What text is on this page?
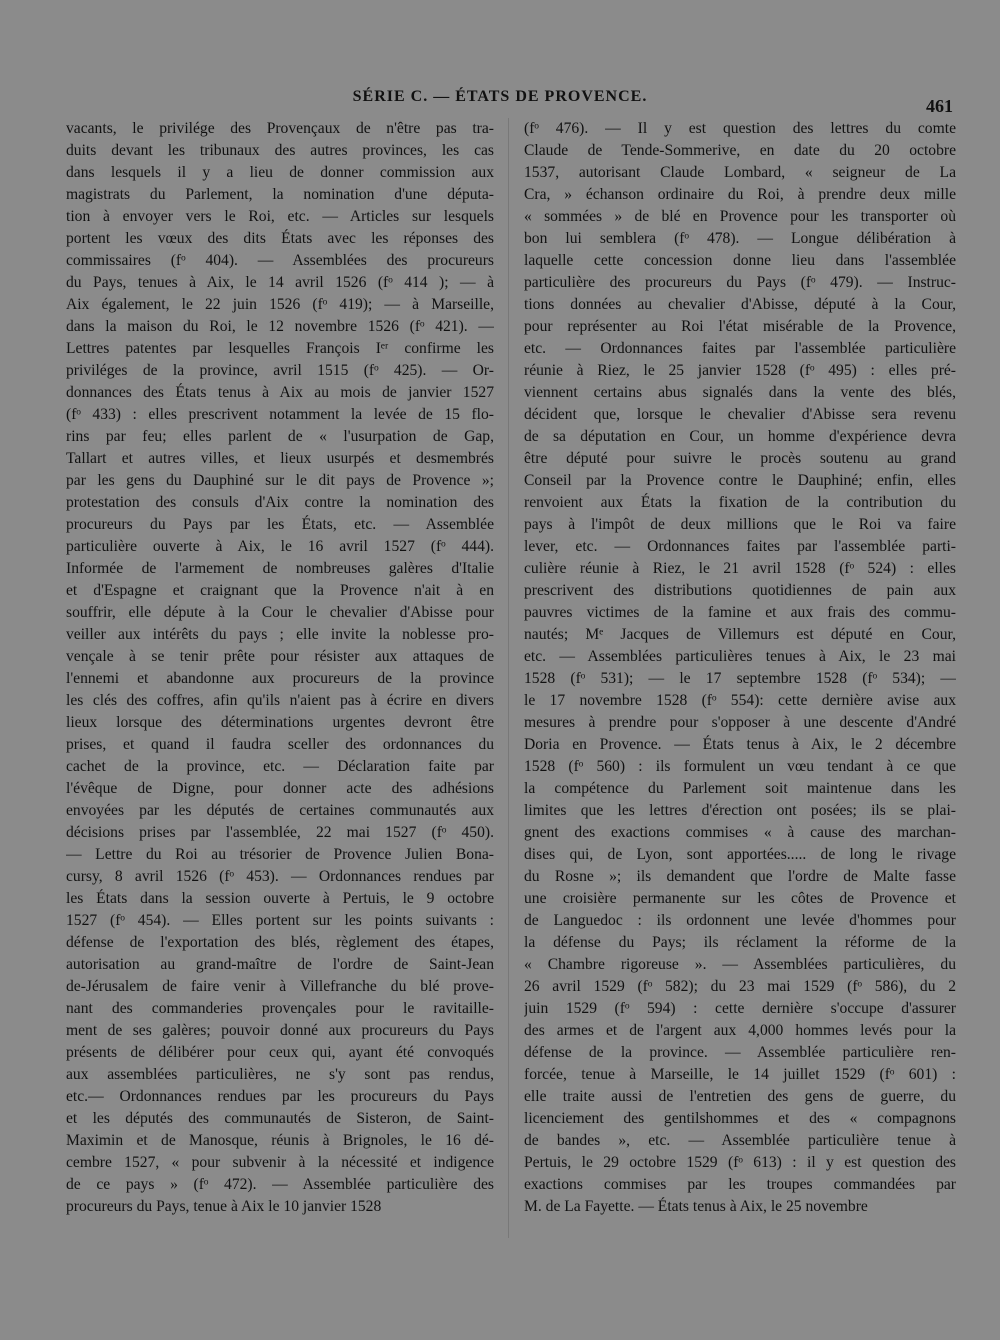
SÉRIE C. — ÉTATS DE PROVENCE.	461
vacants, le privilége des Provençaux de n'être pas tra-
duits devant les tribunaux des autres provinces, les cas
dans lesquels il y a lieu de donner commission aux
magistrats du Parlement, la nomination d'une députa-
tion à envoyer vers le Roi, etc. — Articles sur lesquels
portent les vœux des dits États avec les réponses des
commissaires (fᵒ 404). — Assemblées des procureurs
du Pays, tenues à Aix, le 14 avril 1526 (fᵒ 414 ); — à
Aix également, le 22 juin 1526 (fᵒ 419); — à Marseille,
dans la maison du Roi, le 12 novembre 1526 (fᵒ 421). —
Lettres patentes par lesquelles François Iᵉʳ confirme les
priviléges de la province, avril 1515 (fᵒ 425). — Or-
donnances des États tenus à Aix au mois de janvier 1527
(fᵒ 433) : elles prescrivent notamment la levée de 15 flo-
rins par feu; elles parlent de « l'usurpation de Gap,
Tallart et autres villes, et lieux usurpés et desmembrés
par les gens du Dauphiné sur le dit pays de Provence »;
protestation des consuls d'Aix contre la nomination des
procureurs du Pays par les États, etc. — Assemblée
particulière ouverte à Aix, le 16 avril 1527 (fᵒ 444).
Informée de l'armement de nombreuses galères d'Italie
et d'Espagne et craignant que la Provence n'ait à en
souffrir, elle députe à la Cour le chevalier d'Abisse pour
veiller aux intérêts du pays ; elle invite la noblesse pro-
vençale à se tenir prête pour résister aux attaques de
l'ennemi et abandonne aux procureurs de la province
les clés des coffres, afin qu'ils n'aient pas à écrire en divers
lieux lorsque des déterminations urgentes devront être
prises, et quand il faudra sceller des ordonnances du
cachet de la province, etc. — Déclaration faite par
l'évêque de Digne, pour donner acte des adhésions
envoyées par les députés de certaines communautés aux
décisions prises par l'assemblée, 22 mai 1527 (fᵒ 450).
— Lettre du Roi au trésorier de Provence Julien Bona-
cursy, 8 avril 1526 (fᵒ 453). — Ordonnances rendues par
les États dans la session ouverte à Pertuis, le 9 octobre
1527 (fᵒ 454). — Elles portent sur les points suivants :
défense de l'exportation des blés, règlement des étapes,
autorisation au grand-maître de l'ordre de Saint-Jean
de-Jérusalem de faire venir à Villefranche du blé prove-
nant des commanderies provençales pour le ravitaille-
ment de ses galères; pouvoir donné aux procureurs du Pays
présents de délibérer pour ceux qui, ayant été convoqués
aux assemblées particulières, ne s'y sont pas rendus,
etc.— Ordonnances rendues par les procureurs du Pays
et les députés des communautés de Sisteron, de Saint-
Maximin et de Manosque, réunis à Brignoles, le 16 dé-
cembre 1527, « pour subvenir à la nécessité et indigence
de ce pays » (fᵒ 472). — Assemblée particulière des
procureurs du Pays, tenue à Aix le 10 janvier 1528
(fᵒ 476). — Il y est question des lettres du comte
Claude de Tende-Sommerive, en date du 20 octobre
1537, autorisant Claude Lombard, « seigneur de La
Cra, » échanson ordinaire du Roi, à prendre deux mille
« sommées » de blé en Provence pour les transporter où
bon lui semblera (fᵒ 478). — Longue délibération à
laquelle cette concession donne lieu dans l'assemblée
particulière des procureurs du Pays (fᵒ 479). — Instruc-
tions données au chevalier d'Abisse, député à la Cour,
pour représenter au Roi l'état misérable de la Provence,
etc. — Ordonnances faites par l'assemblée particulière
réunie à Riez, le 25 janvier 1528 (fᵒ 495) : elles pré-
viennent certains abus signalés dans la vente des blés,
décident que, lorsque le chevalier d'Abisse sera revenu
de sa députation en Cour, un homme d'expérience devra
être député pour suivre le procès soutenu au grand
Conseil par la Provence contre le Dauphiné; enfin, elles
renvoient aux États la fixation de la contribution du
pays à l'impôt de deux millions que le Roi va faire
lever, etc. — Ordonnances faites par l'assemblée parti-
culière réunie à Riez, le 21 avril 1528 (fᵒ 524) : elles
prescrivent des distributions quotidiennes de pain aux
pauvres victimes de la famine et aux frais des commu-
nautés; Mᵉ Jacques de Villemurs est député en Cour,
etc. — Assemblées particulières tenues à Aix, le 23 mai
1528 (fᵒ 531); — le 17 septembre 1528 (fᵒ 534); —
le 17 novembre 1528 (fᵒ 554): cette dernière avise aux
mesures à prendre pour s'opposer à une descente d'André
Doria en Provence. — États tenus à Aix, le 2 décembre
1528 (fᵒ 560) : ils formulent un vœu tendant à ce que
la compétence du Parlement soit maintenue dans les
limites que les lettres d'érection ont posées; ils se plai-
gnent des exactions commises « à cause des marchan-
dises qui, de Lyon, sont apportées..... de long le rivage
du Rosne »; ils demandent que l'ordre de Malte fasse
une croisière permanente sur les côtes de Provence et
de Languedoc : ils ordonnent une levée d'hommes pour
la défense du Pays; ils réclament la réforme de la
« Chambre rigoreuse ». — Assemblées particulières, du
26 avril 1529 (fᵒ 582); du 23 mai 1529 (fᵒ 586), du 2
juin 1529 (fᵒ 594) : cette dernière s'occupe d'assurer
des armes et de l'argent aux 4,000 hommes levés pour la
défense de la province. — Assemblée particulière ren-
forcée, tenue à Marseille, le 14 juillet 1529 (fᵒ 601) :
elle traite aussi de l'entretien des gens de guerre, du
licenciement des gentilshommes et des « compagnons
de bandes », etc. — Assemblée particulière tenue à
Pertuis, le 29 octobre 1529 (fᵒ 613) : il y est question des
exactions commises par les troupes commandées par
M. de La Fayette. — États tenus à Aix, le 25 novembre
